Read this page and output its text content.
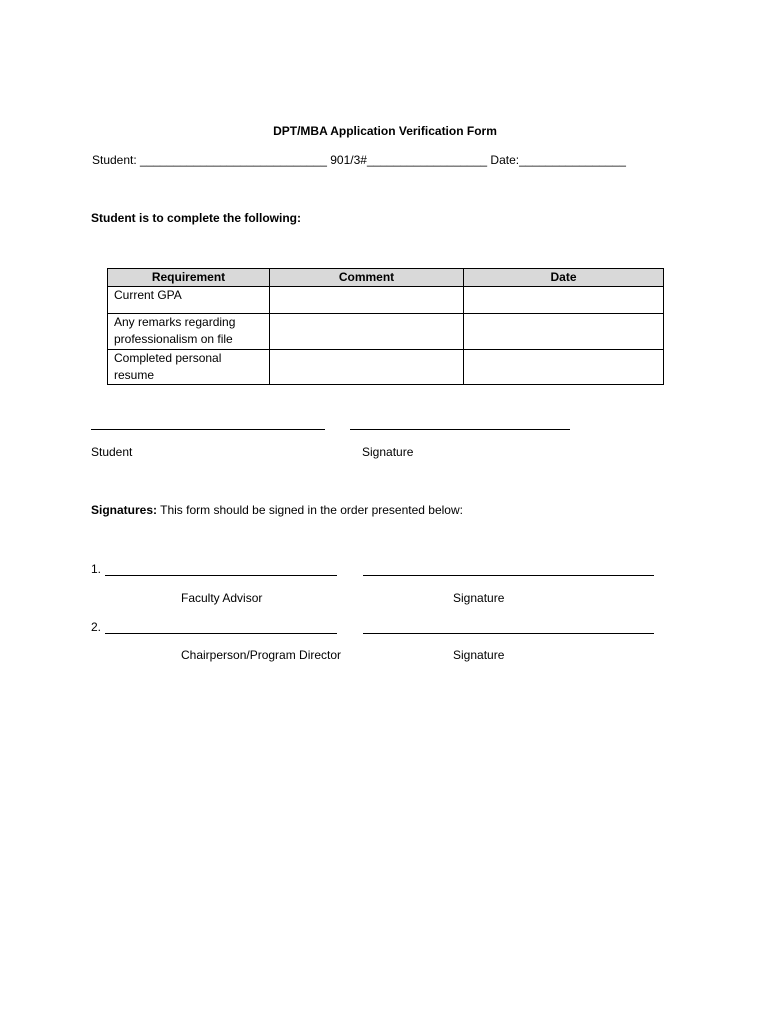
DPT/MBA Application Verification Form
Student: ____________________________ 901/3#__________________ Date:________________
Student is to complete the following:
Requirement	Comment	Date
Current GPA		
Any remarks regarding professionalism on file		
Completed personal resume		
Student	Signature
Signatures: This form should be signed in the order presented below:
1.
Faculty Advisor	Signature
2.
Chairperson/Program Director	Signature
